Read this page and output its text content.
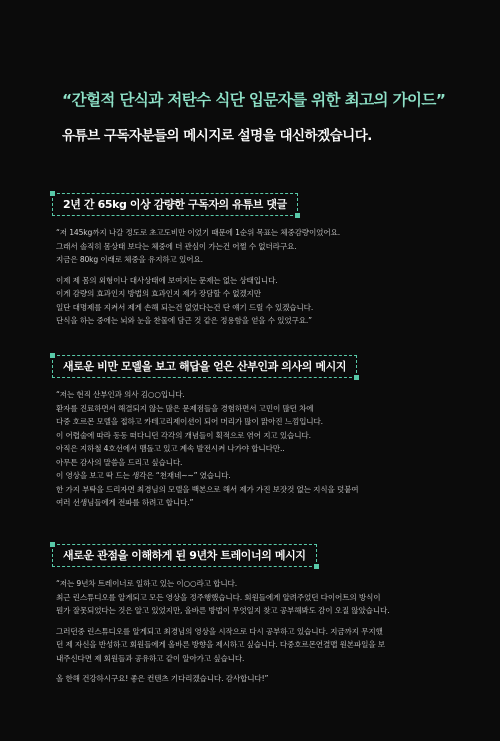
“간헐적 단식과 저탄수 식단 입문자를 위한 최고의 가이드”
유튜브 구독자분들의 메시지로 설명을 대신하겠습니다.
2년 간 65kg 이상 감량한 구독자의 유튜브 댓글

“저 145kg까지 나갈 정도로 초고도비만 이었기 때문에 1순위 목표는 체중감량이었어요.
그래서 솔직히 몸상태 보다는 체중에 더 관심이 가는건 어쩔 수 없더라구요.
지금은 80kg 이래로 체중을 유지하고 있어요.

이제 제 몸의 외형이나 대사상태에 보여지는 문제는 없는 상태입니다.
이게 감량의 효과인지 방법의 효과인지 제가 장담할 수 없겠지만
일단 대명제를 지켜서 제게 손해 되는건 없었다는건 단 얘기 드릴 수 있겠습니다.
단식을 하는 중에는 뇌와 눈을 찬물에 담근 것 같은 정용함을 얻을 수 있었구요.”

새로운 비만 모델을 보고 해답을 얻은 산부인과 의사의 메시지

“저는 현직 산부인과 의사 김○○입니다.
환자를 진료하면서 해결되지 않는 많은 문제점들을 경험하면서 고민이 많던 차에
다중 호르몬 모델을 접하고 카테고리제이션이 되어 머리가 많이 맑아진 느낌입니다.
이 어렵술에 따라 동동 떠다니던 각각의 개념들이 획적으로 엮어 지고 있습니다.
아직은 지하철 4호선에서 맴돌고 있고 계속 발전시켜 나가야 합니다만..
아무튼 감사의 말씀을 드리고 싶습니다.
이 영상을 보고 딱 드는 생각은 “천재네~~” 였습니다.
한 가지 부탁을 드리자면 최경님의 모델을 백본으로 해서 제가 가진 보잣것 없는 지식을 덧붙여
여러 선생님들에게 전파를 하려고 합니다.”

새로운 관점을 이해하게 된 9년차 트레이너의 메시지

“저는 9년차 트레이너로 일하고 있는 이○○라고 합니다.
최근 린스튜디오를 알게되고 모든 영상을 정주행했습니다. 회원들에게 알려주었던 다이어트의 방식이
뭔가 잘못되었다는 것은 알고 있었지만, 올바른 방법이 무엇일지 찾고 공부해봐도 감이 오질 않았습니다.

그러던중 린스튜디오를 알게되고 최경님의 영상을 시작으로 다시 공부하고 있습니다. 지금까지 무지했
던 제 자신을 반성하고 회원들에게 올바른 방향을 제시하고 싶습니다. 다중호르몬연결맵 원본파일을 보
내주신다면 제 회원들과 공유하고 같이 알아가고 싶습니다.

올 한해 건강하시구요! 좋은 컨텐츠 기다리겠습니다. 감사합니다!”
